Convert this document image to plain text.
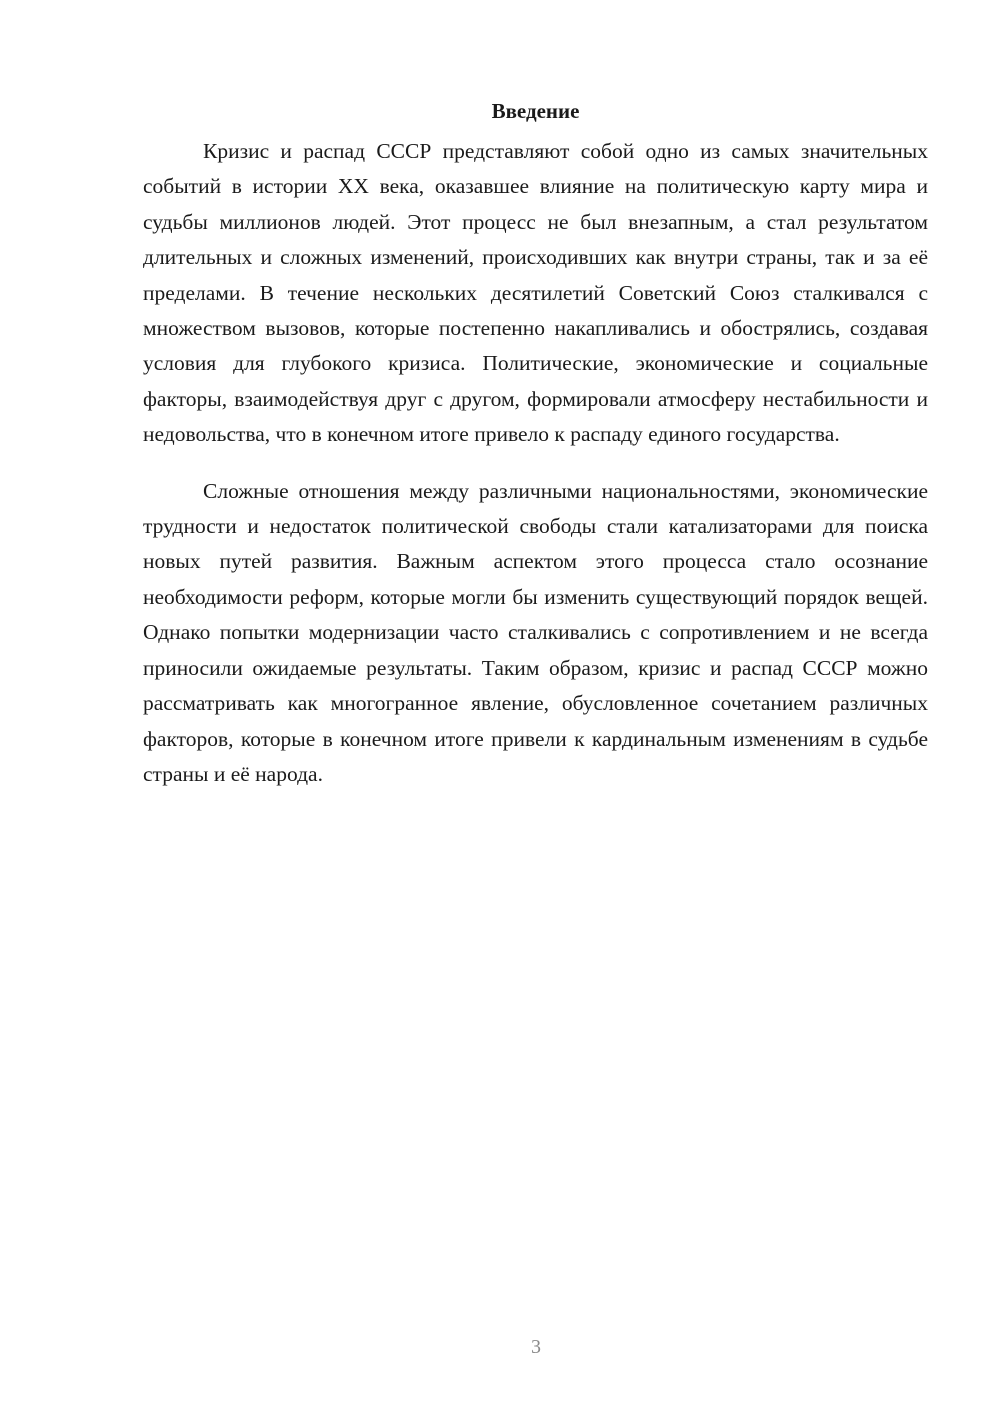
Введение

Кризис и распад СССР представляют собой одно из самых значительных событий в истории XX века, оказавшее влияние на политическую карту мира и судьбы миллионов людей. Этот процесс не был внезапным, а стал результатом длительных и сложных изменений, происходивших как внутри страны, так и за её пределами. В течение нескольких десятилетий Советский Союз сталкивался с множеством вызовов, которые постепенно накапливались и обострялись, создавая условия для глубокого кризиса. Политические, экономические и социальные факторы, взаимодействуя друг с другом, формировали атмосферу нестабильности и недовольства, что в конечном итоге привело к распаду единого государства.

Сложные отношения между различными национальностями, экономические трудности и недостаток политической свободы стали катализаторами для поиска новых путей развития. Важным аспектом этого процесса стало осознание необходимости реформ, которые могли бы изменить существующий порядок вещей. Однако попытки модернизации часто сталкивались с сопротивлением и не всегда приносили ожидаемые результаты. Таким образом, кризис и распад СССР можно рассматривать как многогранное явление, обусловленное сочетанием различных факторов, которые в конечном итоге привели к кардинальным изменениям в судьбе страны и её народа.

3
